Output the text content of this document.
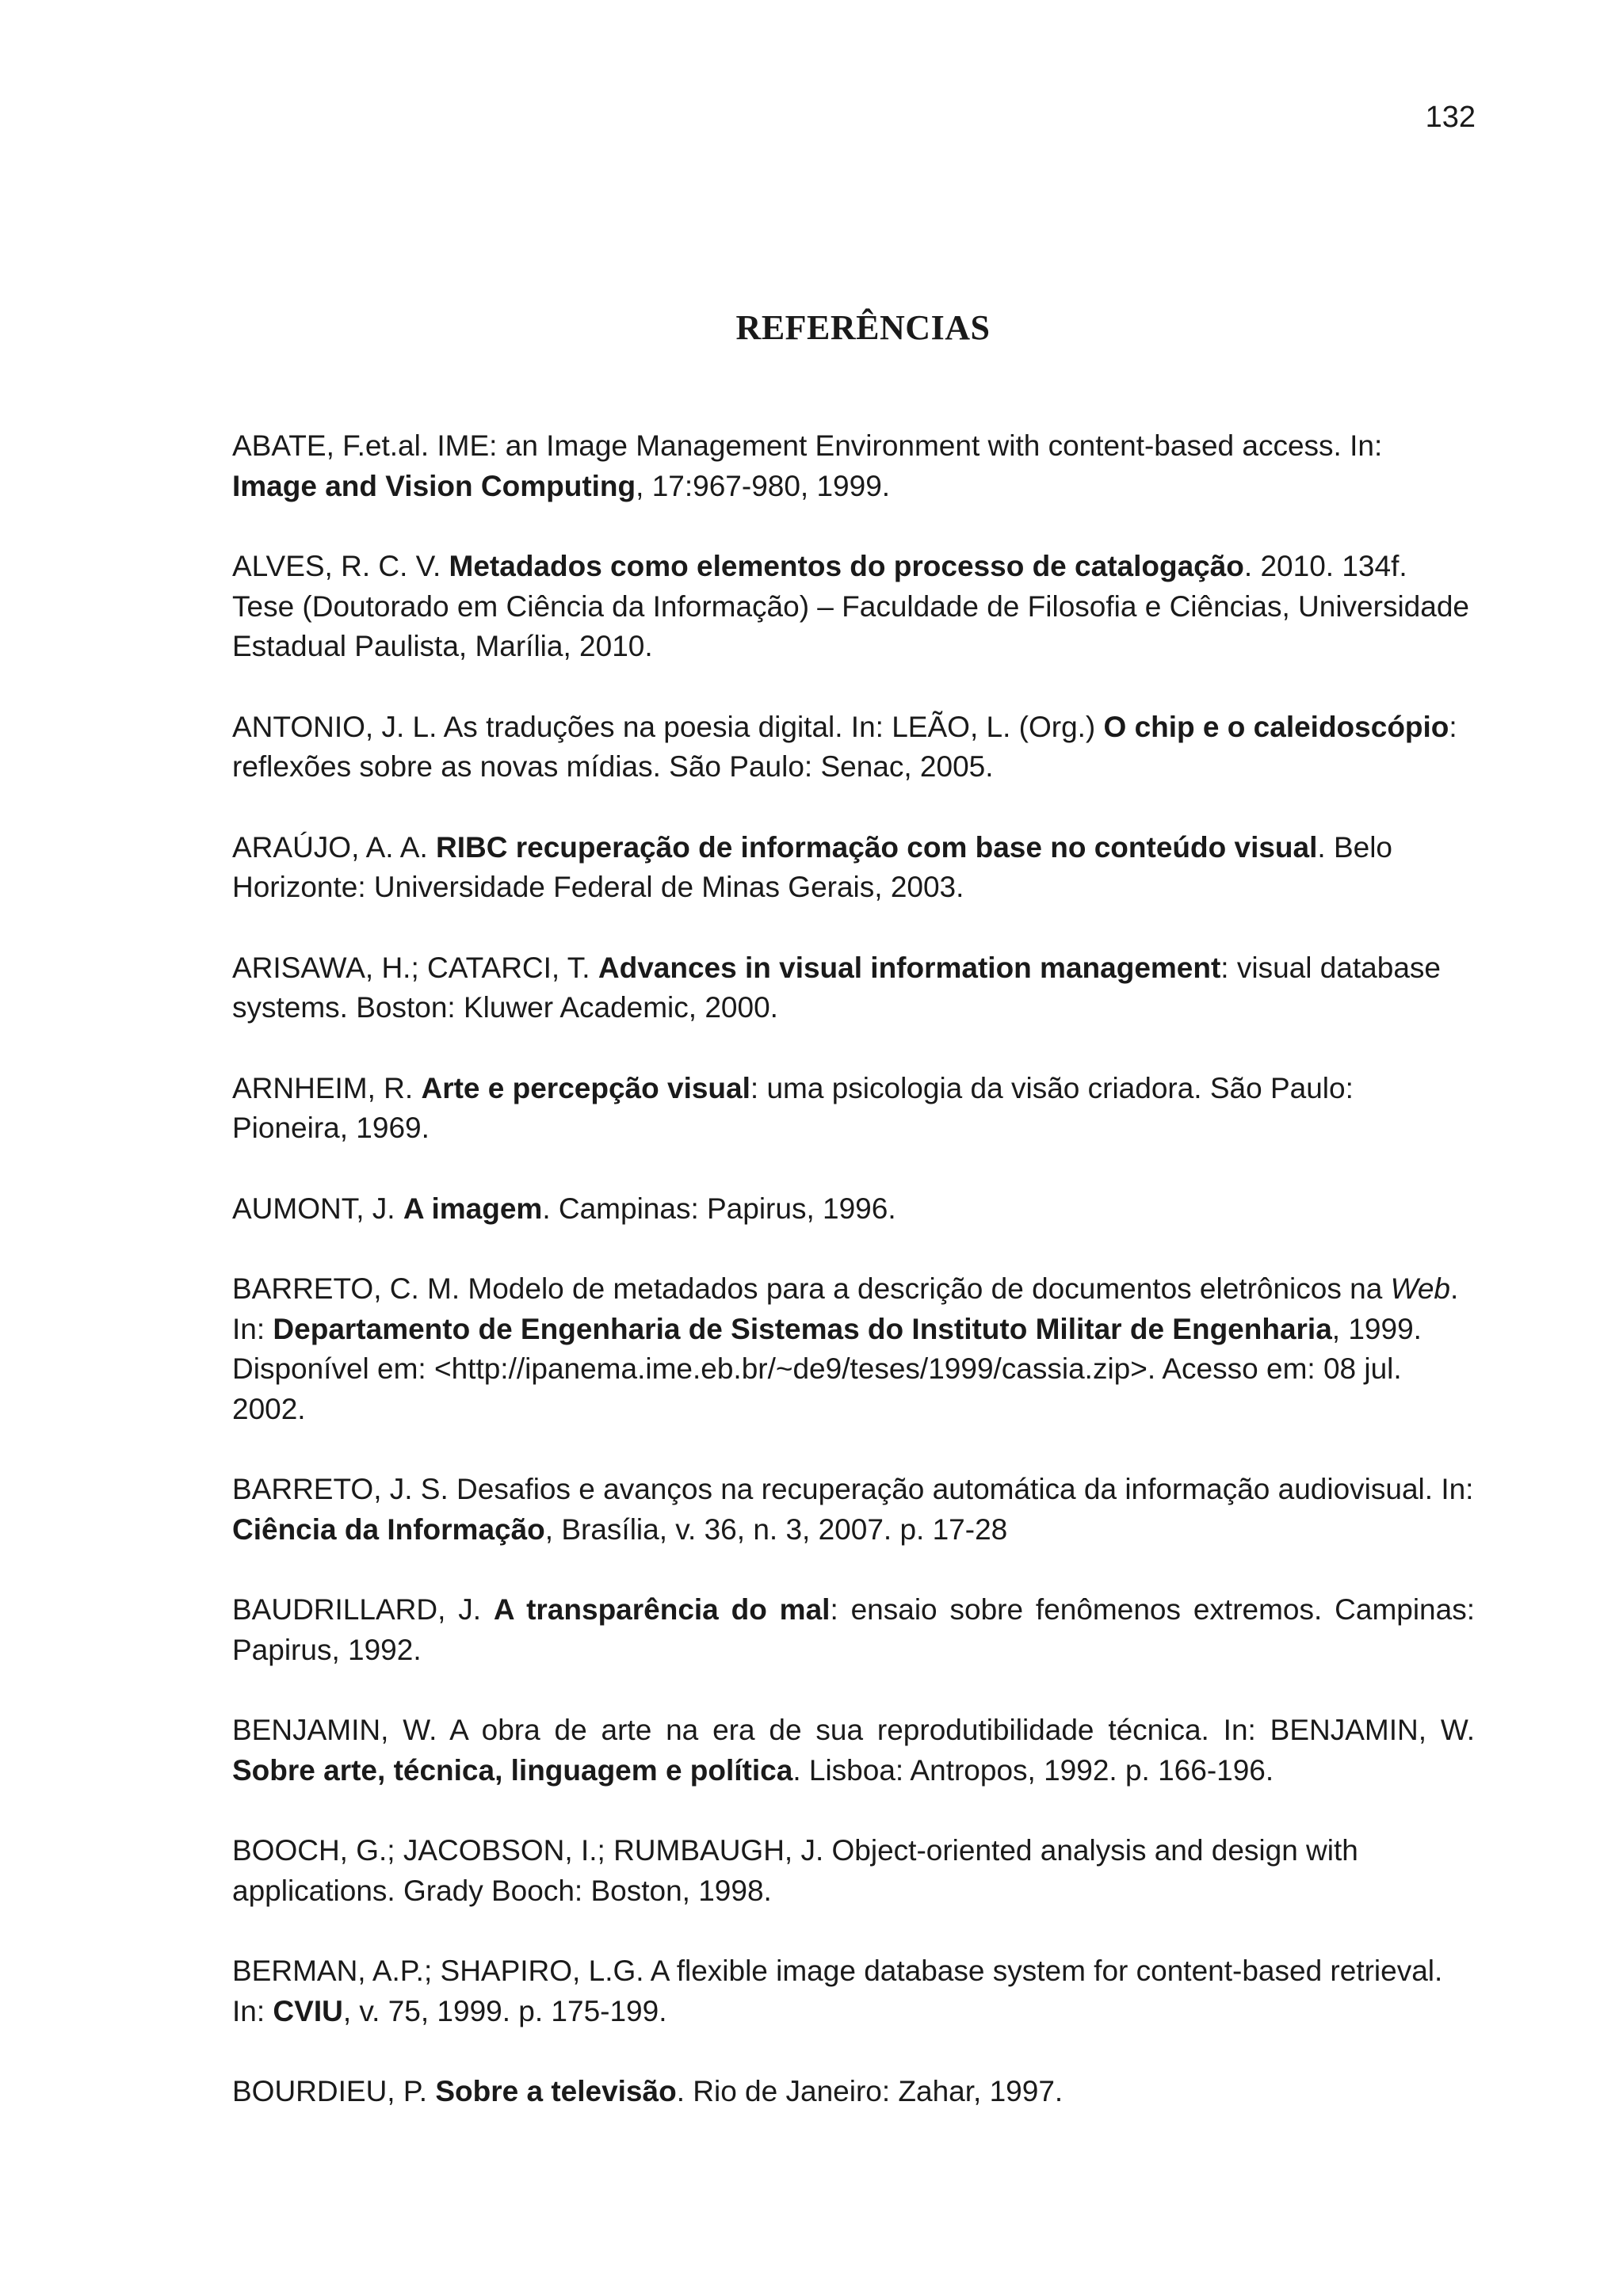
132
REFERÊNCIAS

ABATE, F.et.al. IME: an Image Management Environment with content-based access. In: Image and Vision Computing, 17:967-980, 1999.

ALVES, R. C. V. Metadados como elementos do processo de catalogação. 2010. 134f. Tese (Doutorado em Ciência da Informação) – Faculdade de Filosofia e Ciências, Universidade Estadual Paulista, Marília, 2010.

ANTONIO, J. L. As traduções na poesia digital. In: LEÃO, L. (Org.) O chip e o caleidoscópio: reflexões sobre as novas mídias. São Paulo: Senac, 2005.

ARAÚJO, A. A. RIBC recuperação de informação com base no conteúdo visual. Belo Horizonte: Universidade Federal de Minas Gerais, 2003.

ARISAWA, H.; CATARCI, T. Advances in visual information management: visual database systems. Boston: Kluwer Academic, 2000.

ARNHEIM, R. Arte e percepção visual: uma psicologia da visão criadora. São Paulo: Pioneira, 1969.

AUMONT, J. A imagem. Campinas: Papirus, 1996.

BARRETO, C. M. Modelo de metadados para a descrição de documentos eletrônicos na Web. In: Departamento de Engenharia de Sistemas do Instituto Militar de Engenharia, 1999. Disponível em: <http://ipanema.ime.eb.br/~de9/teses/1999/cassia.zip>. Acesso em: 08 jul. 2002.

BARRETO, J. S. Desafios e avanços na recuperação automática da informação audiovisual. In: Ciência da Informação, Brasília, v. 36, n. 3, 2007. p. 17-28

BAUDRILLARD, J. A transparência do mal: ensaio sobre fenômenos extremos. Campinas: Papirus, 1992.

BENJAMIN, W. A obra de arte na era de sua reprodutibilidade técnica. In: BENJAMIN, W. Sobre arte, técnica, linguagem e política. Lisboa: Antropos, 1992. p. 166-196.

BOOCH, G.; JACOBSON, I.; RUMBAUGH, J. Object-oriented analysis and design with applications. Grady Booch: Boston, 1998.

BERMAN, A.P.; SHAPIRO, L.G. A flexible image database system for content-based retrieval. In: CVIU, v. 75, 1999. p. 175-199.

BOURDIEU, P. Sobre a televisão. Rio de Janeiro: Zahar, 1997.
